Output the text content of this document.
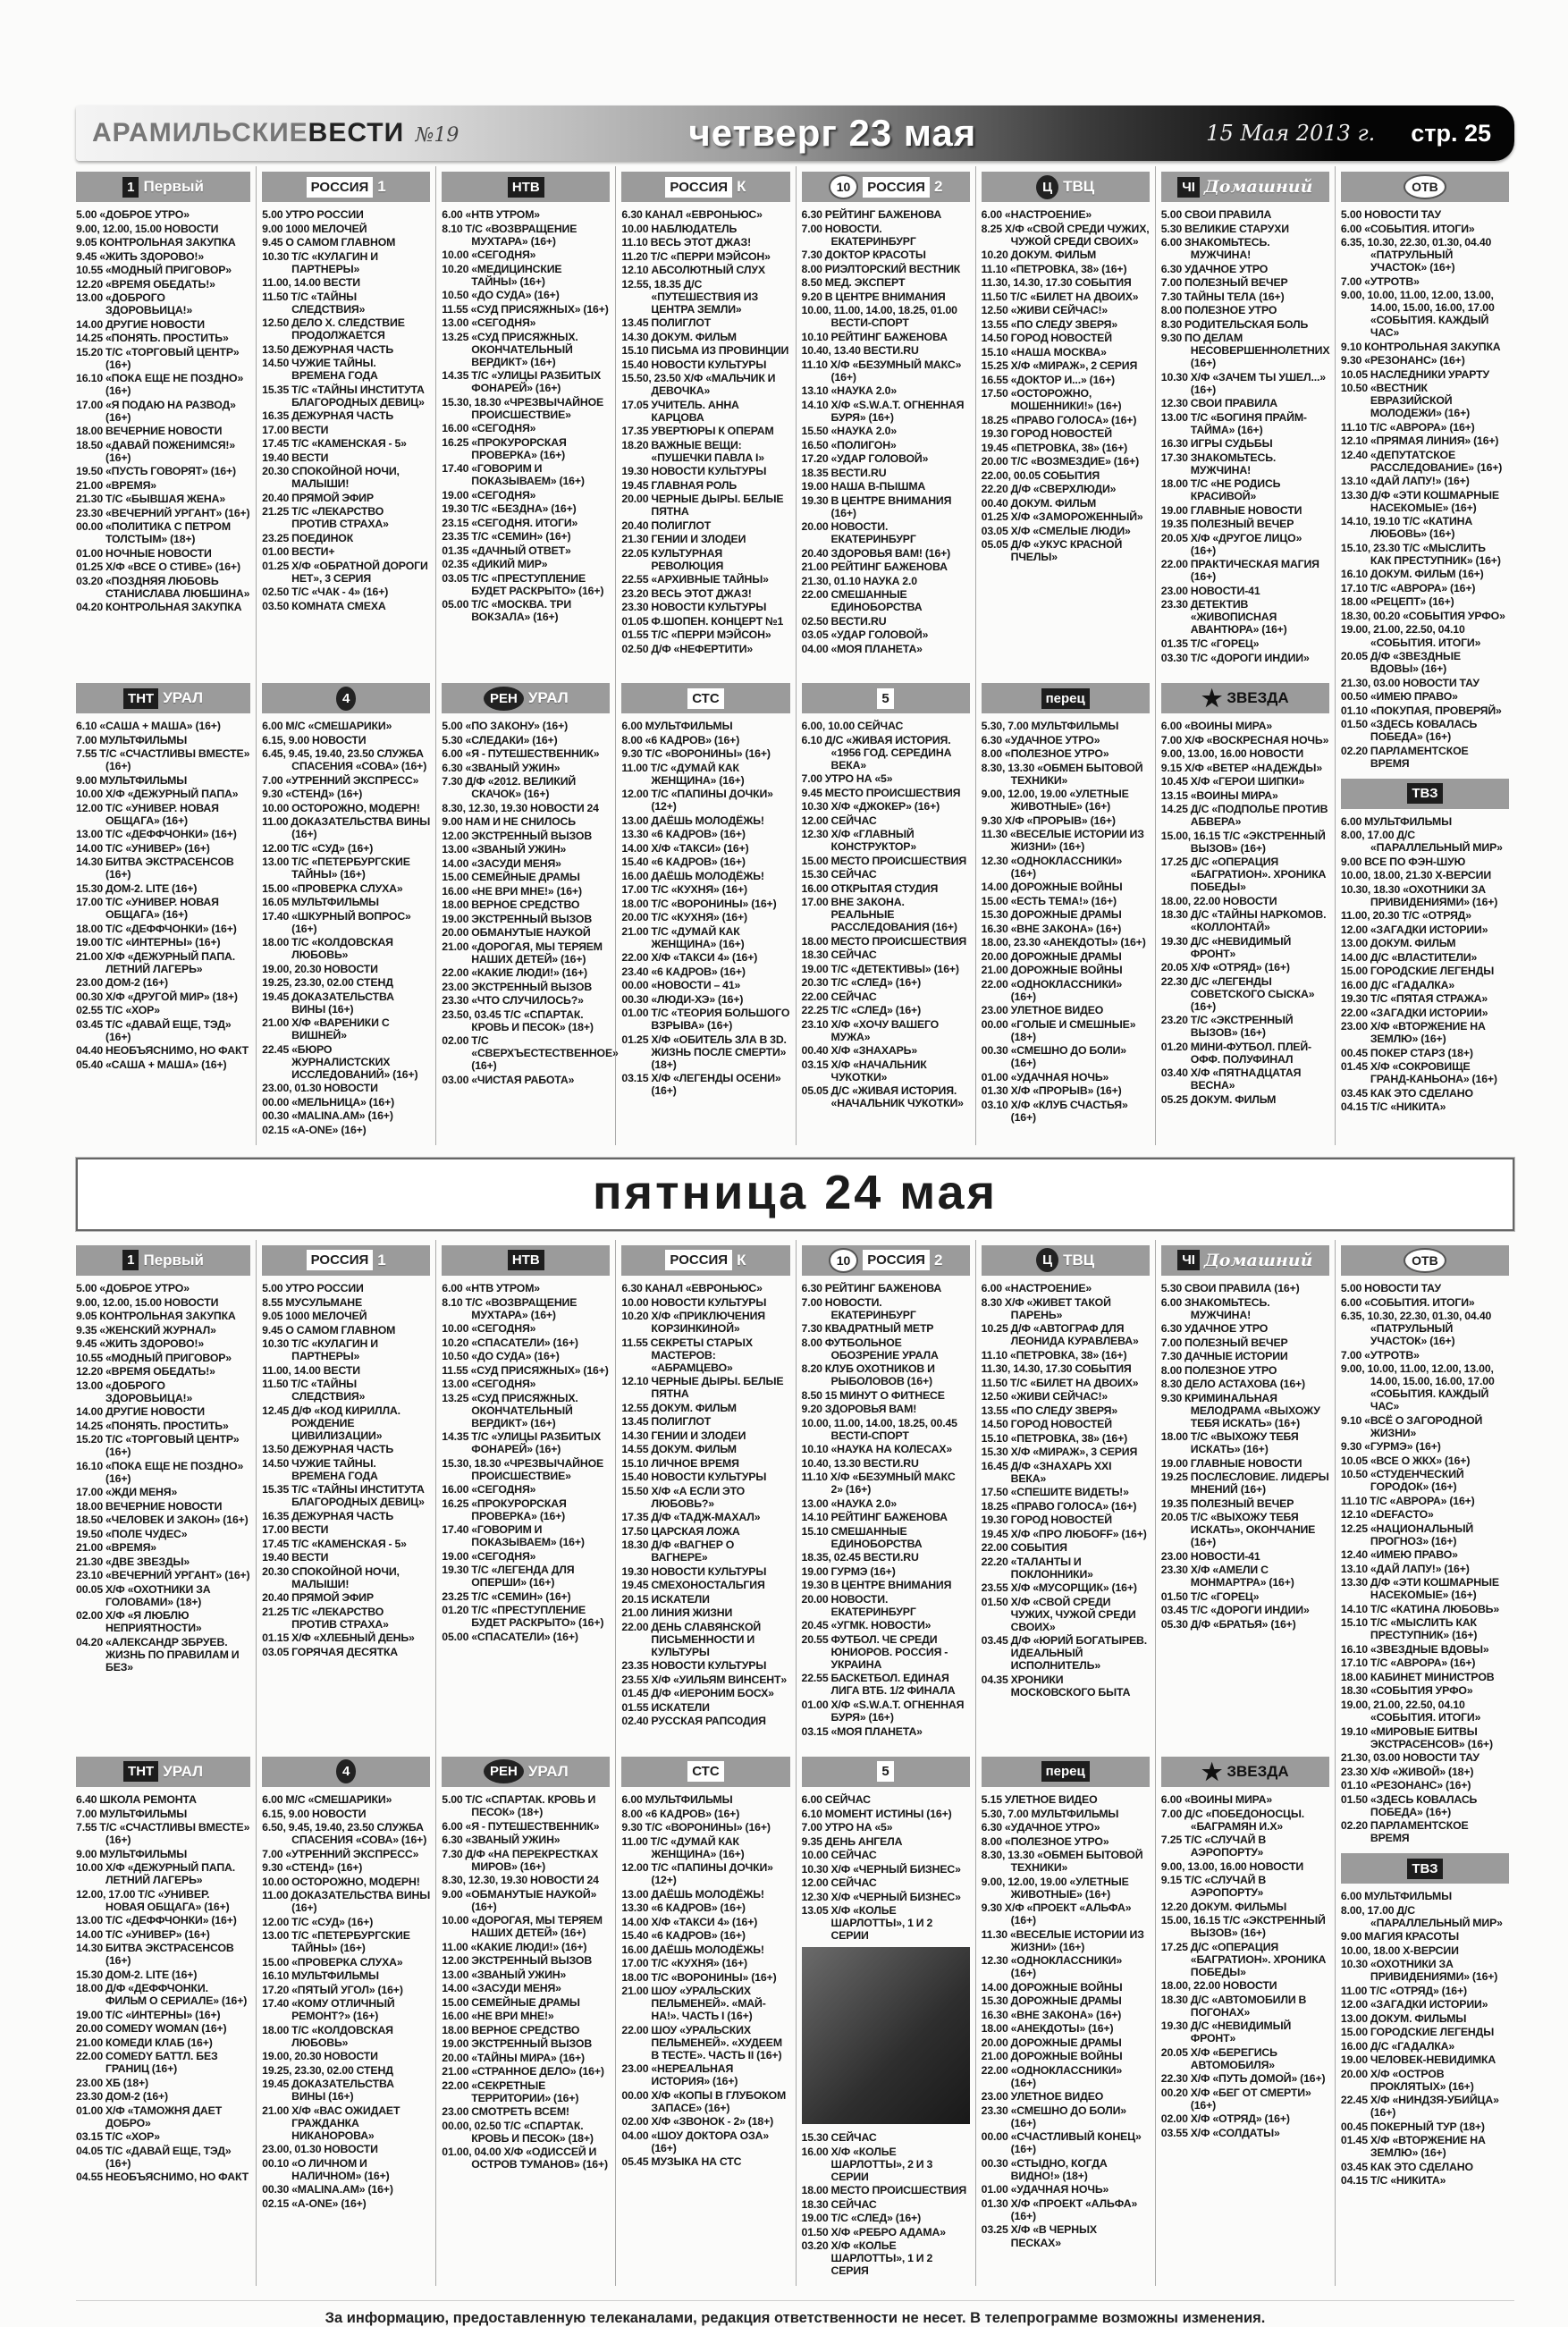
АРАМИЛЬСКИЕВЕСТИ №19	четверг 23 мая	15 Мая 2013 г. стр. 25
1 Первый
5.00 «ДОБРОЕ УТРО»
9.00, 12.00, 15.00 НОВОСТИ
9.05 КОНТРОЛЬНАЯ ЗАКУПКА
9.45 «ЖИТЬ ЗДОРОВО!»
10.55 «МОДНЫЙ ПРИГОВОР»
12.20 «ВРЕМЯ ОБЕДАТЬ!»
13.00 «ДОБРОГО ЗДОРОВЬИЦА!»
14.00 ДРУГИЕ НОВОСТИ
14.25 «ПОНЯТЬ. ПРОСТИТЬ»
15.20 Т/С «ТОРГОВЫЙ ЦЕНТР» (16+)
16.10 «ПОКА ЕЩЕ НЕ ПОЗДНО» (16+)
17.00 «Я ПОДАЮ НА РАЗВОД» (16+)
18.00 ВЕЧЕРНИЕ НОВОСТИ
18.50 «ДАВАЙ ПОЖЕНИМСЯ!» (16+)
19.50 «ПУСТЬ ГОВОРЯТ» (16+)
21.00 «ВРЕМЯ»
21.30 Т/С «БЫВШАЯ ЖЕНА»
23.30 «ВЕЧЕРНИЙ УРГАНТ» (16+)
00.00 «ПОЛИТИКА С ПЕТРОМ ТОЛСТЫМ» (18+)
01.00 НОЧНЫЕ НОВОСТИ
01.25 Х/Ф «ВСЕ О СТИВЕ» (16+)
03.20 «ПОЗДНЯЯ ЛЮБОВЬ СТАНИСЛАВА ЛЮБШИНА»
04.20 КОНТРОЛЬНАЯ ЗАКУПКА
ТНТ УРАЛ
6.10 «САША + МАША» (16+)
7.00 МУЛЬТФИЛЬМЫ
7.55 Т/С «СЧАСТЛИВЫ ВМЕСТЕ» (16+)
9.00 МУЛЬТФИЛЬМЫ
10.00 Х/Ф «ДЕЖУРНЫЙ ПАПА»
12.00 Т/С «УНИВЕР. НОВАЯ ОБЩАГА» (16+)
13.00 Т/С «ДЕФФЧОНКИ» (16+)
14.00 Т/С «УНИВЕР» (16+)
14.30 БИТВА ЭКСТРАСЕНСОВ (16+)
15.30 ДОМ-2. LITE (16+)
17.00 Т/С «УНИВЕР. НОВАЯ ОБЩАГА» (16+)
18.00 Т/С «ДЕФФЧОНКИ» (16+)
19.00 Т/С «ИНТЕРНЫ» (16+)
21.00 Х/Ф «ДЕЖУРНЫЙ ПАПА. ЛЕТНИЙ ЛАГЕРЬ»
23.00 ДОМ-2 (16+)
00.30 Х/Ф «ДРУГОЙ МИР» (18+)
02.55 Т/С «ХОР»
03.45 Т/С «ДАВАЙ ЕЩЕ, ТЭД» (16+)
04.40 НЕОБЪЯСНИМО, НО ФАКТ
05.40 «САША + МАША» (16+)
РОССИЯ 1
5.00 УТРО РОССИИ
9.00 1000 МЕЛОЧЕЙ
9.45 О САМОМ ГЛАВНОМ
10.30 Т/С «КУЛАГИН И ПАРТНЕРЫ»
11.00, 14.00 ВЕСТИ
11.50 Т/С «ТАЙНЫ СЛЕДСТВИЯ»
12.50 ДЕЛО Х. СЛЕДСТВИЕ ПРОДОЛЖАЕТСЯ
13.50 ДЕЖУРНАЯ ЧАСТЬ
14.50 ЧУЖИЕ ТАЙНЫ. ВРЕМЕНА ГОДА
15.35 Т/С «ТАЙНЫ ИНСТИТУТА БЛАГОРОДНЫХ ДЕВИЦ»
16.35 ДЕЖУРНАЯ ЧАСТЬ
17.00 ВЕСТИ
17.45 Т/С «КАМЕНСКАЯ - 5»
19.40 ВЕСТИ
20.30 СПОКОЙНОЙ НОЧИ, МАЛЫШИ!
20.40 ПРЯМОЙ ЭФИР
21.25 Т/С «ЛЕКАРСТВО ПРОТИВ СТРАХА»
23.25 ПОЕДИНОК
01.00 ВЕСТИ+
01.25 Х/Ф «ОБРАТНОЙ ДОРОГИ НЕТ», 3 СЕРИЯ
02.50 Т/С «ЧАК - 4» (16+)
03.50 КОМНАТА СМЕХА
4
6.00 М/С «СМЕШАРИКИ»
6.15, 9.00 НОВОСТИ
6.45, 9.45, 19.40, 23.50 СЛУЖБА СПАСЕНИЯ «СОВА» (16+)
7.00 «УТРЕННИЙ ЭКСПРЕСС»
9.30 «СТЕНД» (16+)
10.00 ОСТОРОЖНО, МОДЕРН!
11.00 ДОКАЗАТЕЛЬСТВА ВИНЫ (16+)
12.00 Т/С «СУД» (16+)
13.00 Т/С «ПЕТЕРБУРГСКИЕ ТАЙНЫ» (16+)
15.00 «ПРОВЕРКА СЛУХА»
16.05 МУЛЬТФИЛЬМЫ
17.40 «ШКУРНЫЙ ВОПРОС» (16+)
18.00 Т/С «КОЛДОВСКАЯ ЛЮБОВЬ»
19.00, 20.30 НОВОСТИ
19.25, 23.30, 02.00 СТЕНД
19.45 ДОКАЗАТЕЛЬСТВА ВИНЫ (16+)
21.00 Х/Ф «ВАРЕНИКИ С ВИШНЕЙ»
22.45 «БЮРО ЖУРНАЛИСТСКИХ ИССЛЕДОВАНИЙ» (16+)
23.00, 01.30 НОВОСТИ
00.00 «МЕЛЬНИЦА» (16+)
00.30 «MALINA.AM» (16+)
02.15 «A-ONE» (16+)
НТВ
6.00 «НТВ УТРОМ»
8.10 Т/С «ВОЗВРАЩЕНИЕ МУХТАРА» (16+)
10.00 «СЕГОДНЯ»
10.20 «МЕДИЦИНСКИЕ ТАЙНЫ» (16+)
10.50 «ДО СУДА» (16+)
11.55 «СУД ПРИСЯЖНЫХ» (16+)
13.00 «СЕГОДНЯ»
13.25 «СУД ПРИСЯЖНЫХ. ОКОНЧАТЕЛЬНЫЙ ВЕРДИКТ» (16+)
14.35 Т/С «УЛИЦЫ РАЗБИТЫХ ФОНАРЕЙ» (16+)
15.30, 18.30 «ЧРЕЗВЫЧАЙНОЕ ПРОИСШЕСТВИЕ»
16.00 «СЕГОДНЯ»
16.25 «ПРОКУРОРСКАЯ ПРОВЕРКА» (16+)
17.40 «ГОВОРИМ И ПОКАЗЫВАЕМ» (16+)
19.00 «СЕГОДНЯ»
19.30 Т/С «БЕЗДНА» (16+)
23.15 «СЕГОДНЯ. ИТОГИ»
23.35 Т/С «СЕМИН» (16+)
01.35 «ДАЧНЫЙ ОТВЕТ»
02.35 «ДИКИЙ МИР»
03.05 Т/С «ПРЕСТУПЛЕНИЕ БУДЕТ РАСКРЫТО» (16+)
05.00 Т/С «МОСКВА. ТРИ ВОКЗАЛА» (16+)
РЕН УРАЛ
5.00 «ПО ЗАКОНУ» (16+)
5.30 «СЛЕДАКИ» (16+)
6.00 «Я - ПУТЕШЕСТВЕННИК»
6.30 «ЗВАНЫЙ УЖИН»
7.30 Д/Ф «2012. ВЕЛИКИЙ СКАЧОК» (16+)
8.30, 12.30, 19.30 НОВОСТИ 24
9.00 НАМ И НЕ СНИЛОСЬ
12.00 ЭКСТРЕННЫЙ ВЫЗОВ
13.00 «ЗВАНЫЙ УЖИН»
14.00 «ЗАСУДИ МЕНЯ»
15.00 СЕМЕЙНЫЕ ДРАМЫ
16.00 «НЕ ВРИ МНЕ!» (16+)
18.00 ВЕРНОЕ СРЕДСТВО
19.00 ЭКСТРЕННЫЙ ВЫЗОВ
20.00 ОБМАНУТЫЕ НАУКОЙ
21.00 «ДОРОГАЯ, МЫ ТЕРЯЕМ НАШИХ ДЕТЕЙ» (16+)
22.00 «КАКИЕ ЛЮДИ!» (16+)
23.00 ЭКСТРЕННЫЙ ВЫЗОВ
23.30 «ЧТО СЛУЧИЛОСЬ?»
23.50, 03.45 Т/С «СПАРТАК. КРОВЬ И ПЕСОК» (18+)
02.00 Т/С «СВЕРХЪЕСТЕСТВЕННОЕ» (16+)
03.00 «ЧИСТАЯ РАБОТА»
РОССИЯ К
6.30 КАНАЛ «ЕВРОНЬЮС»
10.00 НАБЛЮДАТЕЛЬ
11.10 ВЕСЬ ЭТОТ ДЖАЗ!
11.20 Т/С «ПЕРРИ МЭЙСОН»
12.10 АБСОЛЮТНЫЙ СЛУХ
12.55, 18.35 Д/С «ПУТЕШЕСТВИЯ ИЗ ЦЕНТРА ЗЕМЛИ»
13.45 ПОЛИГЛОТ
14.30 ДОКУМ. ФИЛЬМ
15.10 ПИСЬМА ИЗ ПРОВИНЦИИ
15.40 НОВОСТИ КУЛЬТУРЫ
15.50, 23.50 Х/Ф «МАЛЬЧИК И ДЕВОЧКА»
17.05 УЧИТЕЛЬ. АННА КАРЦОВА
17.35 УВЕРТЮРЫ К ОПЕРАМ
18.20 ВАЖНЫЕ ВЕЩИ: «ПУШЕЧКИ ПАВЛА I»
19.30 НОВОСТИ КУЛЬТУРЫ
19.45 ГЛАВНАЯ РОЛЬ
20.00 ЧЕРНЫЕ ДЫРЫ. БЕЛЫЕ ПЯТНА
20.40 ПОЛИГЛОТ
21.30 ГЕНИИ И ЗЛОДЕИ
22.05 КУЛЬТУРНАЯ РЕВОЛЮЦИЯ
22.55 «АРХИВНЫЕ ТАЙНЫ»
23.20 ВЕСЬ ЭТОТ ДЖАЗ!
23.30 НОВОСТИ КУЛЬТУРЫ
01.05 Ф.ШОПЕН. КОНЦЕРТ №1
01.55 Т/С «ПЕРРИ МЭЙСОН»
02.50 Д/Ф «НЕФЕРТИТИ»
СТС
6.00 МУЛЬТФИЛЬМЫ
8.00 «6 КАДРОВ» (16+)
9.30 Т/С «ВОРОНИНЫ» (16+)
11.00 Т/С «ДУМАЙ КАК ЖЕНЩИНА» (16+)
12.00 Т/С «ПАПИНЫ ДОЧКИ» (12+)
13.00 ДАЁШЬ МОЛОДЁЖЬ!
13.30 «6 КАДРОВ» (16+)
14.00 Х/Ф «ТАКСИ» (16+)
15.40 «6 КАДРОВ» (16+)
16.00 ДАЁШЬ МОЛОДЁЖЬ!
17.00 Т/С «КУХНЯ» (16+)
18.00 Т/С «ВОРОНИНЫ» (16+)
20.00 Т/С «КУХНЯ» (16+)
21.00 Т/С «ДУМАЙ КАК ЖЕНЩИНА» (16+)
22.00 Х/Ф «ТАКСИ 4» (16+)
23.40 «6 КАДРОВ» (16+)
00.00 «НОВОСТИ – 41»
00.30 «ЛЮДИ-ХЭ» (16+)
01.00 Т/С «ТЕОРИЯ БОЛЬШОГО ВЗРЫВА» (16+)
01.25 Х/Ф «ОБИТЕЛЬ ЗЛА В 3D. ЖИЗНЬ ПОСЛЕ СМЕРТИ» (18+)
03.15 Х/Ф «ЛЕГЕНДЫ ОСЕНИ» (16+)
10	РОССИЯ 2
6.30 РЕЙТИНГ БАЖЕНОВА
7.00 НОВОСТИ. ЕКАТЕРИНБУРГ
7.30 ДОКТОР КРАСОТЫ
8.00 РИЭЛТОРСКИЙ ВЕСТНИК
8.50 МЕД. ЭКСПЕРТ
9.20 В ЦЕНТРЕ ВНИМАНИЯ
10.00, 11.00, 14.00, 18.25, 01.00 ВЕСТИ-СПОРТ
10.10 РЕЙТИНГ БАЖЕНОВА
10.40, 13.40 ВЕСТИ.RU
11.10 Х/Ф «БЕЗУМНЫЙ МАКС» (16+)
13.10 «НАУКА 2.0»
14.10 Х/Ф «S.W.A.T. ОГНЕННАЯ БУРЯ» (16+)
15.50 «НАУКА 2.0»
16.50 «ПОЛИГОН»
17.20 «УДАР ГОЛОВОЙ»
18.35 ВЕСТИ.RU
19.00 НАША В-ПЫШМА
19.30 В ЦЕНТРЕ ВНИМАНИЯ (16+)
20.00 НОВОСТИ. ЕКАТЕРИНБУРГ
20.40 ЗДОРОВЬЯ ВАМ! (16+)
21.00 РЕЙТИНГ БАЖЕНОВА
21.30, 01.10 НАУКА 2.0
22.00 СМЕШАННЫЕ ЕДИНОБОРСТВА
02.50 ВЕСТИ.RU
03.05 «УДАР ГОЛОВОЙ»
04.00 «МОЯ ПЛАНЕТА»
5
6.00, 10.00 СЕЙЧАС
6.10 Д/С «ЖИВАЯ ИСТОРИЯ. «1956 ГОД. СЕРЕДИНА ВЕКА»
7.00 УТРО НА «5»
9.45 МЕСТО ПРОИСШЕСТВИЯ
10.30 Х/Ф «ДЖОКЕР» (16+)
12.00 СЕЙЧАС
12.30 Х/Ф «ГЛАВНЫЙ КОНСТРУКТОР»
15.00 МЕСТО ПРОИСШЕСТВИЯ
15.30 СЕЙЧАС
16.00 ОТКРЫТАЯ СТУДИЯ
17.00 ВНЕ ЗАКОНА. РЕАЛЬНЫЕ РАССЛЕДОВАНИЯ (16+)
18.00 МЕСТО ПРОИСШЕСТВИЯ
18.30 СЕЙЧАС
19.00 Т/С «ДЕТЕКТИВЫ» (16+)
20.30 Т/С «СЛЕД» (16+)
22.00 СЕЙЧАС
22.25 Т/С «СЛЕД» (16+)
23.10 Х/Ф «ХОЧУ ВАШЕГО МУЖА»
00.40 Х/Ф «ЗНАХАРЬ»
03.15 Х/Ф «НАЧАЛЬНИК ЧУКОТКИ»
05.05 Д/С «ЖИВАЯ ИСТОРИЯ. «НАЧАЛЬНИК ЧУКОТКИ»
Ц ТВЦ
6.00 «НАСТРОЕНИЕ»
8.25 Х/Ф «СВОЙ СРЕДИ ЧУЖИХ, ЧУЖОЙ СРЕДИ СВОИХ»
10.20 ДОКУМ. ФИЛЬМ
11.10 «ПЕТРОВКА, 38» (16+)
11.30, 14.30, 17.30 СОБЫТИЯ
11.50 Т/С «БИЛЕТ НА ДВОИХ»
12.50 «ЖИВИ СЕЙЧАС!»
13.55 «ПО СЛЕДУ ЗВЕРЯ»
14.50 ГОРОД НОВОСТЕЙ
15.10 «НАША МОСКВА»
15.25 Х/Ф «МИРАЖ», 2 СЕРИЯ
16.55 «ДОКТОР И...» (16+)
17.50 «ОСТОРОЖНО, МОШЕННИКИ!» (16+)
18.25 «ПРАВО ГОЛОСА» (16+)
19.30 ГОРОД НОВОСТЕЙ
19.45 «ПЕТРОВКА, 38» (16+)
20.00 Т/С «ВОЗМЕЗДИЕ» (16+)
22.00, 00.05 СОБЫТИЯ
22.20 Д/Ф «СВЕРХЛЮДИ»
00.40 ДОКУМ. ФИЛЬМ
01.25 Х/Ф «ЗАМОРОЖЕННЫЙ»
03.05 Х/Ф «СМЕЛЫЕ ЛЮДИ»
05.05 Д/Ф «УКУС КРАСНОЙ ПЧЕЛЫ»
перец
5.30, 7.00 МУЛЬТФИЛЬМЫ
6.30 «УДАЧНОЕ УТРО»
8.00 «ПОЛЕЗНОЕ УТРО»
8.30, 13.30 «ОБМЕН БЫТОВОЙ ТЕХНИКИ»
9.00, 12.00, 19.00 «УЛЕТНЫЕ ЖИВОТНЫЕ» (16+)
9.30 Х/Ф «ПРОРЫВ» (16+)
11.30 «ВЕСЕЛЫЕ ИСТОРИИ ИЗ ЖИЗНИ» (16+)
12.30 «ОДНОКЛАССНИКИ» (16+)
14.00 ДОРОЖНЫЕ ВОЙНЫ
15.00 «ЕСТЬ ТЕМА!» (16+)
15.30 ДОРОЖНЫЕ ДРАМЫ
16.30 «ВНЕ ЗАКОНА» (16+)
18.00, 23.30 «АНЕКДОТЫ» (16+)
20.00 ДОРОЖНЫЕ ДРАМЫ
21.00 ДОРОЖНЫЕ ВОЙНЫ
22.00 «ОДНОКЛАССНИКИ» (16+)
23.00 УЛЕТНОЕ ВИДЕО
00.00 «ГОЛЫЕ И СМЕШНЫЕ» (18+)
00.30 «СМЕШНО ДО БОЛИ» (16+)
01.00 «УДАЧНАЯ НОЧЬ»
01.30 Х/Ф «ПРОРЫВ» (16+)
03.10 Х/Ф «КЛУБ СЧАСТЬЯ» (16+)
ЧI Домашний
5.00 СВОИ ПРАВИЛА
5.30 ВЕЛИКИЕ СТАРУХИ
6.00 ЗНАКОМЬТЕСЬ. МУЖЧИНА!
6.30 УДАЧНОЕ УТРО
7.00 ПОЛЕЗНЫЙ ВЕЧЕР
7.30 ТАЙНЫ ТЕЛА (16+)
8.00 ПОЛЕЗНОЕ УТРО
8.30 РОДИТЕЛЬСКАЯ БОЛЬ
9.30 ПО ДЕЛАМ НЕСОВЕРШЕННОЛЕТНИХ (16+)
10.30 Х/Ф «ЗАЧЕМ ТЫ УШЕЛ...» (16+)
12.30 СВОИ ПРАВИЛА
13.00 Т/С «БОГИНЯ ПРАЙМ-ТАЙМА» (16+)
16.30 ИГРЫ СУДЬБЫ
17.30 ЗНАКОМЬТЕСЬ. МУЖЧИНА!
18.00 Т/С «НЕ РОДИСЬ КРАСИВОЙ»
19.00 ГЛАВНЫЕ НОВОСТИ
19.35 ПОЛЕЗНЫЙ ВЕЧЕР
20.05 Х/Ф «ДРУГОЕ ЛИЦО» (16+)
22.00 ПРАКТИЧЕСКАЯ МАГИЯ (16+)
23.00 НОВОСТИ-41
23.30 ДЕТЕКТИВ «ЖИВОПИСНАЯ АВАНТЮРА» (16+)
01.35 Т/С «ГОРЕЦ»
03.30 Т/С «ДОРОГИ ИНДИИ»
★ ЗВЕЗДА
6.00 «ВОИНЫ МИРА»
7.00 Х/Ф «ВОСКРЕСНАЯ НОЧЬ»
9.00, 13.00, 16.00 НОВОСТИ
9.15 Х/Ф «ВЕТЕР «НАДЕЖДЫ»
10.45 Х/Ф «ГЕРОИ ШИПКИ»
13.15 «ВОИНЫ МИРА»
14.25 Д/С «ПОДПОЛЬЕ ПРОТИВ АБВЕРА»
15.00, 16.15 Т/С «ЭКСТРЕННЫЙ ВЫЗОВ» (16+)
17.25 Д/С «ОПЕРАЦИЯ «БАГРАТИОН». ХРОНИКА ПОБЕДЫ»
18.00, 22.00 НОВОСТИ
18.30 Д/С «ТАЙНЫ НАРКОМОВ. «КОЛЛОНТАЙ»
19.30 Д/С «НЕВИДИМЫЙ ФРОНТ»
20.05 Х/Ф «ОТРЯД» (16+)
22.30 Д/С «ЛЕГЕНДЫ СОВЕТСКОГО СЫСКА» (16+)
23.20 Т/С «ЭКСТРЕННЫЙ ВЫЗОВ» (16+)
01.20 МИНИ-ФУТБОЛ. ПЛЕЙ-ОФФ. ПОЛУФИНАЛ
03.40 Х/Ф «ПЯТНАДЦАТАЯ ВЕСНА»
05.25 ДОКУМ. ФИЛЬМ
ОТВ
5.00 НОВОСТИ ТАУ
6.00 «СОБЫТИЯ. ИТОГИ»
6.35, 10.30, 22.30, 01.30, 04.40 «ПАТРУЛЬНЫЙ УЧАСТОК» (16+)
7.00 «УТРОТВ»
9.00, 10.00, 11.00, 12.00, 13.00, 14.00, 15.00, 16.00, 17.00 «СОБЫТИЯ. КАЖДЫЙ ЧАС»
9.10 КОНТРОЛЬНАЯ ЗАКУПКА
9.30 «РЕЗОНАНС» (16+)
10.05 НАСЛЕДНИКИ УРАРТУ
10.50 «ВЕСТНИК ЕВРАЗИЙСКОЙ МОЛОДЕЖИ» (16+)
11.10 Т/С «АВРОРА» (16+)
12.10 «ПРЯМАЯ ЛИНИЯ» (16+)
12.40 «ДЕПУТАТСКОЕ РАССЛЕДОВАНИЕ» (16+)
13.10 «ДАЙ ЛАПУ!» (16+)
13.30 Д/Ф «ЭТИ КОШМАРНЫЕ НАСЕКОМЫЕ» (16+)
14.10, 19.10 Т/С «КАТИНА ЛЮБОВЬ» (16+)
15.10, 23.30 Т/С «МЫСЛИТЬ КАК ПРЕСТУПНИК» (16+)
16.10 ДОКУМ. ФИЛЬМ (16+)
17.10 Т/С «АВРОРА» (16+)
18.00 «РЕЦЕПТ» (16+)
18.30, 00.20 «СОБЫТИЯ УРФО»
19.00, 21.00, 22.50, 04.10 «СОБЫТИЯ. ИТОГИ»
20.05 Д/Ф «ЗВЕЗДНЫЕ ВДОВЫ» (16+)
21.30, 03.00 НОВОСТИ ТАУ
00.50 «ИМЕЮ ПРАВО»
01.10 «ПОКУПАЯ, ПРОВЕРЯЙ»
01.50 «ЗДЕСЬ КОВАЛАСЬ ПОБЕДА» (16+)
02.20 ПАРЛАМЕНТСКОЕ ВРЕМЯ
ТВЗ
6.00 МУЛЬТФИЛЬМЫ
8.00, 17.00 Д/С «ПАРАЛЛЕЛЬНЫЙ МИР»
9.00 ВСЕ ПО ФЭН-ШУЮ
10.00, 18.00, 21.30 Х-ВЕРСИИ
10.30, 18.30 «ОХОТНИКИ ЗА ПРИВИДЕНИЯМИ» (16+)
11.00, 20.30 Т/С «ОТРЯД»
12.00 «ЗАГАДКИ ИСТОРИИ»
13.00 ДОКУМ. ФИЛЬМ
14.00 Д/С «ВЛАСТИТЕЛИ»
15.00 ГОРОДСКИЕ ЛЕГЕНДЫ
16.00 Д/С «ГАДАЛКА»
19.30 Т/С «ПЯТАЯ СТРАЖА»
22.00 «ЗАГАДКИ ИСТОРИИ»
23.00 Х/Ф «ВТОРЖЕНИЕ НА ЗЕМЛЮ» (16+)
00.45 ПОКЕР СТАРЗ (18+)
01.45 Х/Ф «СОКРОВИЩЕ ГРАНД-КАНЬОНА» (16+)
03.45 КАК ЭТО СДЕЛАНО
04.15 Т/С «НИКИТА»
пятница 24 мая
1 Первый
5.00 «ДОБРОЕ УТРО»
9.00, 12.00, 15.00 НОВОСТИ
9.05 КОНТРОЛЬНАЯ ЗАКУПКА
9.35 «ЖЕНСКИЙ ЖУРНАЛ»
9.45 «ЖИТЬ ЗДОРОВО!»
10.55 «МОДНЫЙ ПРИГОВОР»
12.20 «ВРЕМЯ ОБЕДАТЬ!»
13.00 «ДОБРОГО ЗДОРОВЬИЦА!»
14.00 ДРУГИЕ НОВОСТИ
14.25 «ПОНЯТЬ. ПРОСТИТЬ»
15.20 Т/С «ТОРГОВЫЙ ЦЕНТР» (16+)
16.10 «ПОКА ЕЩЕ НЕ ПОЗДНО» (16+)
17.00 «ЖДИ МЕНЯ»
18.00 ВЕЧЕРНИЕ НОВОСТИ
18.50 «ЧЕЛОВЕК И ЗАКОН» (16+)
19.50 «ПОЛЕ ЧУДЕС»
21.00 «ВРЕМЯ»
21.30 «ДВЕ ЗВЕЗДЫ»
23.10 «ВЕЧЕРНИЙ УРГАНТ» (16+)
00.05 Х/Ф «ОХОТНИКИ ЗА ГОЛОВАМИ» (18+)
02.00 Х/Ф «Я ЛЮБЛЮ НЕПРИЯТНОСТИ»
04.20 «АЛЕКСАНДР ЗБРУЕВ. ЖИЗНЬ ПО ПРАВИЛАМ И БЕЗ»
ТНТ УРАЛ
6.40 ШКОЛА РЕМОНТА
7.00 МУЛЬТФИЛЬМЫ
7.55 Т/С «СЧАСТЛИВЫ ВМЕСТЕ» (16+)
9.00 МУЛЬТФИЛЬМЫ
10.00 Х/Ф «ДЕЖУРНЫЙ ПАПА. ЛЕТНИЙ ЛАГЕРЬ»
12.00, 17.00 Т/С «УНИВЕР. НОВАЯ ОБЩАГА» (16+)
13.00 Т/С «ДЕФФЧОНКИ» (16+)
14.00 Т/С «УНИВЕР» (16+)
14.30 БИТВА ЭКСТРАСЕНСОВ (16+)
15.30 ДОМ-2. LITE (16+)
18.00 Д/Ф «ДЕФФЧОНКИ. ФИЛЬМ О СЕРИАЛЕ» (16+)
19.00 Т/С «ИНТЕРНЫ» (16+)
20.00 COMEDY WOMAN (16+)
21.00 КОМЕДИ КЛАБ (16+)
22.00 COMEDY БАТТЛ. БЕЗ ГРАНИЦ (16+)
23.00 ХБ (18+)
23.30 ДОМ-2 (16+)
01.00 Х/Ф «ТАМОЖНЯ ДАЕТ ДОБРО»
03.15 Т/С «ХОР»
04.05 Т/С «ДАВАЙ ЕЩЕ, ТЭД» (16+)
04.55 НЕОБЪЯСНИМО, НО ФАКТ
РОССИЯ 1
5.00 УТРО РОССИИ
8.55 МУСУЛЬМАНЕ
9.05 1000 МЕЛОЧЕЙ
9.45 О САМОМ ГЛАВНОМ
10.30 Т/С «КУЛАГИН И ПАРТНЕРЫ»
11.00, 14.00 ВЕСТИ
11.50 Т/С «ТАЙНЫ СЛЕДСТВИЯ»
12.45 Д/Ф «КОД КИРИЛЛА. РОЖДЕНИЕ ЦИВИЛИЗАЦИИ»
13.50 ДЕЖУРНАЯ ЧАСТЬ
14.50 ЧУЖИЕ ТАЙНЫ. ВРЕМЕНА ГОДА
15.35 Т/С «ТАЙНЫ ИНСТИТУТА БЛАГОРОДНЫХ ДЕВИЦ»
16.35 ДЕЖУРНАЯ ЧАСТЬ
17.00 ВЕСТИ
17.45 Т/С «КАМЕНСКАЯ - 5»
19.40 ВЕСТИ
20.30 СПОКОЙНОЙ НОЧИ, МАЛЫШИ!
20.40 ПРЯМОЙ ЭФИР
21.25 Т/С «ЛЕКАРСТВО ПРОТИВ СТРАХА»
01.15 Х/Ф «ХЛЕБНЫЙ ДЕНЬ»
03.05 ГОРЯЧАЯ ДЕСЯТКА
4
6.00 М/С «СМЕШАРИКИ»
6.15, 9.00 НОВОСТИ
6.50, 9.45, 19.40, 23.50 СЛУЖБА СПАСЕНИЯ «СОВА» (16+)
7.00 «УТРЕННИЙ ЭКСПРЕСС»
9.30 «СТЕНД» (16+)
10.00 ОСТОРОЖНО, МОДЕРН!
11.00 ДОКАЗАТЕЛЬСТВА ВИНЫ (16+)
12.00 Т/С «СУД» (16+)
13.00 Т/С «ПЕТЕРБУРГСКИЕ ТАЙНЫ» (16+)
15.00 «ПРОВЕРКА СЛУХА»
16.10 МУЛЬТФИЛЬМЫ
17.20 «ПЯТЫЙ УГОЛ» (16+)
17.40 «КОМУ ОТЛИЧНЫЙ РЕМОНТ?» (16+)
18.00 Т/С «КОЛДОВСКАЯ ЛЮБОВЬ»
19.00, 20.30 НОВОСТИ
19.25, 23.30, 02.00 СТЕНД
19.45 ДОКАЗАТЕЛЬСТВА ВИНЫ (16+)
21.00 Х/Ф «ВАС ОЖИДАЕТ ГРАЖДАНКА НИКАНОРОВА»
23.00, 01.30 НОВОСТИ
00.10 «О ЛИЧНОМ И НАЛИЧНОМ» (16+)
00.30 «MALINA.AM» (16+)
02.15 «A-ONE» (16+)
НТВ
6.00 «НТВ УТРОМ»
8.10 Т/С «ВОЗВРАЩЕНИЕ МУХТАРА» (16+)
10.00 «СЕГОДНЯ»
10.20 «СПАСАТЕЛИ» (16+)
10.50 «ДО СУДА» (16+)
11.55 «СУД ПРИСЯЖНЫХ» (16+)
13.00 «СЕГОДНЯ»
13.25 «СУД ПРИСЯЖНЫХ. ОКОНЧАТЕЛЬНЫЙ ВЕРДИКТ» (16+)
14.35 Т/С «УЛИЦЫ РАЗБИТЫХ ФОНАРЕЙ» (16+)
15.30, 18.30 «ЧРЕЗВЫЧАЙНОЕ ПРОИСШЕСТВИЕ»
16.00 «СЕГОДНЯ»
16.25 «ПРОКУРОРСКАЯ ПРОВЕРКА» (16+)
17.40 «ГОВОРИМ И ПОКАЗЫВАЕМ» (16+)
19.00 «СЕГОДНЯ»
19.30 Т/С «ЛЕГЕНДА ДЛЯ ОПЕРШИ» (16+)
23.25 Т/С «СЕМИН» (16+)
01.20 Т/С «ПРЕСТУПЛЕНИЕ БУДЕТ РАСКРЫТО» (16+)
05.00 «СПАСАТЕЛИ» (16+)
РЕН УРАЛ
5.00 Т/С «СПАРТАК. КРОВЬ И ПЕСОК» (18+)
6.00 «Я - ПУТЕШЕСТВЕННИК»
6.30 «ЗВАНЫЙ УЖИН»
7.30 Д/Ф «НА ПЕРЕКРЕСТКАХ МИРОВ» (16+)
8.30, 12.30, 19.30 НОВОСТИ 24
9.00 «ОБМАНУТЫЕ НАУКОЙ» (16+)
10.00 «ДОРОГАЯ, МЫ ТЕРЯЕМ НАШИХ ДЕТЕЙ» (16+)
11.00 «КАКИЕ ЛЮДИ!» (16+)
12.00 ЭКСТРЕННЫЙ ВЫЗОВ
13.00 «ЗВАНЫЙ УЖИН»
14.00 «ЗАСУДИ МЕНЯ»
15.00 СЕМЕЙНЫЕ ДРАМЫ
16.00 «НЕ ВРИ МНЕ!»
18.00 ВЕРНОЕ СРЕДСТВО
19.00 ЭКСТРЕННЫЙ ВЫЗОВ
20.00 «ТАЙНЫ МИРА» (16+)
21.00 «СТРАННОЕ ДЕЛО» (16+)
22.00 «СЕКРЕТНЫЕ ТЕРРИТОРИИ» (16+)
23.00 СМОТРЕТЬ ВСЕМ!
00.00, 02.50 Т/С «СПАРТАК. КРОВЬ И ПЕСОК» (18+)
01.00, 04.00 Х/Ф «ОДИССЕЙ И ОСТРОВ ТУМАНОВ» (16+)
РОССИЯ К
6.30 КАНАЛ «ЕВРОНЬЮС»
10.00 НОВОСТИ КУЛЬТУРЫ
10.20 Х/Ф «ПРИКЛЮЧЕНИЯ КОРЗИНКИНОЙ»
11.55 СЕКРЕТЫ СТАРЫХ МАСТЕРОВ: «АБРАМЦЕВО»
12.10 ЧЕРНЫЕ ДЫРЫ. БЕЛЫЕ ПЯТНА
12.55 ДОКУМ. ФИЛЬМ
13.45 ПОЛИГЛОТ
14.30 ГЕНИИ И ЗЛОДЕИ
14.55 ДОКУМ. ФИЛЬМ
15.10 ЛИЧНОЕ ВРЕМЯ
15.40 НОВОСТИ КУЛЬТУРЫ
15.50 Х/Ф «А ЕСЛИ ЭТО ЛЮБОВЬ?»
17.35 Д/Ф «ТАДЖ-МАХАЛ»
17.50 ЦАРСКАЯ ЛОЖА
18.30 Д/Ф «ВАГНЕР О ВАГНЕРЕ»
19.30 НОВОСТИ КУЛЬТУРЫ
19.45 СМЕХОНОСТАЛЬГИЯ
20.15 ИСКАТЕЛИ
21.00 ЛИНИЯ ЖИЗНИ
22.00 ДЕНЬ СЛАВЯНСКОЙ ПИСЬМЕННОСТИ И КУЛЬТУРЫ
23.35 НОВОСТИ КУЛЬТУРЫ
23.55 Х/Ф «УИЛЬЯМ ВИНСЕНТ»
01.45 Д/Ф «ИЕРОНИМ БОСХ»
01.55 ИСКАТЕЛИ
02.40 РУССКАЯ РАПСОДИЯ
СТС
6.00 МУЛЬТФИЛЬМЫ
8.00 «6 КАДРОВ» (16+)
9.30 Т/С «ВОРОНИНЫ» (16+)
11.00 Т/С «ДУМАЙ КАК ЖЕНЩИНА» (16+)
12.00 Т/С «ПАПИНЫ ДОЧКИ» (12+)
13.00 ДАЁШЬ МОЛОДЁЖЬ!
13.30 «6 КАДРОВ» (16+)
14.00 Х/Ф «ТАКСИ 4» (16+)
15.40 «6 КАДРОВ» (16+)
16.00 ДАЁШЬ МОЛОДЁЖЬ!
17.00 Т/С «КУХНЯ» (16+)
18.00 Т/С «ВОРОНИНЫ» (16+)
21.00 ШОУ «УРАЛЬСКИХ ПЕЛЬМЕНЕЙ». «МАЙ-НА!». ЧАСТЬ I (16+)
22.00 ШОУ «УРАЛЬСКИХ ПЕЛЬМЕНЕЙ». «ХУДЕЕМ В ТЕСТЕ». ЧАСТЬ II (16+)
23.00 «НЕРЕАЛЬНАЯ ИСТОРИЯ» (16+)
00.00 Х/Ф «КОПЫ В ГЛУБОКОМ ЗАПАСЕ» (16+)
02.00 Х/Ф «ЗВОНОК - 2» (18+)
04.00 «ШОУ ДОКТОРА ОЗА» (16+)
05.45 МУЗЫКА НА СТС
10	РОССИЯ 2
6.30 РЕЙТИНГ БАЖЕНОВА
7.00 НОВОСТИ. ЕКАТЕРИНБУРГ
7.30 КВАДРАТНЫЙ МЕТР
8.00 ФУТБОЛЬНОЕ ОБОЗРЕНИЕ УРАЛА
8.20 КЛУБ ОХОТНИКОВ И РЫБОЛОВОВ (16+)
8.50 15 МИНУТ О ФИТНЕСЕ
9.20 ЗДОРОВЬЯ ВАМ!
10.00, 11.00, 14.00, 18.25, 00.45 ВЕСТИ-СПОРТ
10.10 «НАУКА НА КОЛЕСАХ»
10.40, 13.30 ВЕСТИ.RU
11.10 Х/Ф «БЕЗУМНЫЙ МАКС 2» (16+)
13.00 «НАУКА 2.0»
14.10 РЕЙТИНГ БАЖЕНОВА
15.10 СМЕШАННЫЕ ЕДИНОБОРСТВА
18.35, 02.45 ВЕСТИ.RU
19.00 ГУРМЭ (16+)
19.30 В ЦЕНТРЕ ВНИМАНИЯ
20.00 НОВОСТИ. ЕКАТЕРИНБУРГ
20.45 «УГМК. НОВОСТИ»
20.55 ФУТБОЛ. ЧЕ СРЕДИ ЮНИОРОВ. РОССИЯ - УКРАИНА
22.55 БАСКЕТБОЛ. ЕДИНАЯ ЛИГА ВТБ. 1/2 ФИНАЛА
01.00 Х/Ф «S.W.A.T. ОГНЕННАЯ БУРЯ» (16+)
03.15 «МОЯ ПЛАНЕТА»
5
6.00 СЕЙЧАС
6.10 МОМЕНТ ИСТИНЫ (16+)
7.00 УТРО НА «5»
9.35 ДЕНЬ АНГЕЛА
10.00 СЕЙЧАС
10.30 Х/Ф «ЧЕРНЫЙ БИЗНЕС»
12.00 СЕЙЧАС
12.30 Х/Ф «ЧЕРНЫЙ БИЗНЕС»
13.05 Х/Ф «КОЛЬЕ ШАРЛОТТЫ», 1 И 2 СЕРИИ
15.30 СЕЙЧАС
16.00 Х/Ф «КОЛЬЕ ШАРЛОТТЫ», 2 И 3 СЕРИИ
18.00 МЕСТО ПРОИСШЕСТВИЯ
18.30 СЕЙЧАС
19.00 Т/С «СЛЕД» (16+)
01.50 Х/Ф «РЕБРО АДАМА»
03.20 Х/Ф «КОЛЬЕ ШАРЛОТТЫ», 1 И 2 СЕРИЯ
Ц ТВЦ
6.00 «НАСТРОЕНИЕ»
8.30 Х/Ф «ЖИВЕТ ТАКОЙ ПАРЕНЬ»
10.25 Д/Ф «АВТОГРАФ ДЛЯ ЛЕОНИДА КУРАВЛЕВА»
11.10 «ПЕТРОВКА, 38» (16+)
11.30, 14.30, 17.30 СОБЫТИЯ
11.50 Т/С «БИЛЕТ НА ДВОИХ»
12.50 «ЖИВИ СЕЙЧАС!»
13.55 «ПО СЛЕДУ ЗВЕРЯ»
14.50 ГОРОД НОВОСТЕЙ
15.10 «ПЕТРОВКА, 38» (16+)
15.30 Х/Ф «МИРАЖ», 3 СЕРИЯ
16.45 Д/Ф «ЗНАХАРЬ XXI ВЕКА»
17.50 «СПЕШИТЕ ВИДЕТЬ!»
18.25 «ПРАВО ГОЛОСА» (16+)
19.30 ГОРОД НОВОСТЕЙ
19.45 Х/Ф «ПРО ЛЮБОFF» (16+)
22.00 СОБЫТИЯ
22.20 «ТАЛАНТЫ И ПОКЛОННИКИ»
23.55 Х/Ф «МУСОРЩИК» (16+)
01.50 Х/Ф «СВОЙ СРЕДИ ЧУЖИХ, ЧУЖОЙ СРЕДИ СВОИХ»
03.45 Д/Ф «ЮРИЙ БОГАТЫРЕВ. ИДЕАЛЬНЫЙ ИСПОЛНИТЕЛЬ»
04.35 ХРОНИКИ МОСКОВСКОГО БЫТА
перец
5.15 УЛЕТНОЕ ВИДЕО
5.30, 7.00 МУЛЬТФИЛЬМЫ
6.30 «УДАЧНОЕ УТРО»
8.00 «ПОЛЕЗНОЕ УТРО»
8.30, 13.30 «ОБМЕН БЫТОВОЙ ТЕХНИКИ»
9.00, 12.00, 19.00 «УЛЕТНЫЕ ЖИВОТНЫЕ» (16+)
9.30 Х/Ф «ПРОЕКТ «АЛЬФА» (16+)
11.30 «ВЕСЕЛЫЕ ИСТОРИИ ИЗ ЖИЗНИ» (16+)
12.30 «ОДНОКЛАССНИКИ» (16+)
14.00 ДОРОЖНЫЕ ВОЙНЫ
15.30 ДОРОЖНЫЕ ДРАМЫ
16.30 «ВНЕ ЗАКОНА» (16+)
18.00 «АНЕКДОТЫ» (16+)
20.00 ДОРОЖНЫЕ ДРАМЫ
21.00 ДОРОЖНЫЕ ВОЙНЫ
22.00 «ОДНОКЛАССНИКИ» (16+)
23.00 УЛЕТНОЕ ВИДЕО
23.30 «СМЕШНО ДО БОЛИ» (16+)
00.00 «СЧАСТЛИВЫЙ КОНЕЦ» (16+)
00.30 «СТЫДНО, КОГДА ВИДНО!» (18+)
01.00 «УДАЧНАЯ НОЧЬ»
01.30 Х/Ф «ПРОЕКТ «АЛЬФА» (16+)
03.25 Х/Ф «В ЧЕРНЫХ ПЕСКАХ»
ЧI Домашний
5.30 СВОИ ПРАВИЛА (16+)
6.00 ЗНАКОМЬТЕСЬ. МУЖЧИНА!
6.30 УДАЧНОЕ УТРО
7.00 ПОЛЕЗНЫЙ ВЕЧЕР
7.30 ДАЧНЫЕ ИСТОРИИ
8.00 ПОЛЕЗНОЕ УТРО
8.30 ДЕЛО АСТАХОВА (16+)
9.30 КРИМИНАЛЬНАЯ МЕЛОДРАМА «ВЫХОЖУ ТЕБЯ ИСКАТЬ» (16+)
18.00 Т/С «ВЫХОЖУ ТЕБЯ ИСКАТЬ» (16+)
19.00 ГЛАВНЫЕ НОВОСТИ
19.25 ПОСЛЕСЛОВИЕ. ЛИДЕРЫ МНЕНИЙ (16+)
19.35 ПОЛЕЗНЫЙ ВЕЧЕР
20.05 Т/С «ВЫХОЖУ ТЕБЯ ИСКАТЬ», ОКОНЧАНИЕ (16+)
23.00 НОВОСТИ-41
23.30 Х/Ф «АМЕЛИ С МОНМАРТРА» (16+)
01.50 Т/С «ГОРЕЦ»
03.45 Т/С «ДОРОГИ ИНДИИ»
05.30 Д/Ф «БРАТЬЯ» (16+)
★ ЗВЕЗДА
6.00 «ВОИНЫ МИРА»
7.00 Д/С «ПОБЕДОНОСЦЫ. «БАГРАМЯН И.Х»
7.25 Т/С «СЛУЧАЙ В АЭРОПОРТУ»
9.00, 13.00, 16.00 НОВОСТИ
9.15 Т/С «СЛУЧАЙ В АЭРОПОРТУ»
12.20 ДОКУМ. ФИЛЬМЫ
15.00, 16.15 Т/С «ЭКСТРЕННЫЙ ВЫЗОВ» (16+)
17.25 Д/С «ОПЕРАЦИЯ «БАГРАТИОН». ХРОНИКА ПОБЕДЫ»
18.00, 22.00 НОВОСТИ
18.30 Д/С «АВТОМОБИЛИ В ПОГОНАХ»
19.30 Д/С «НЕВИДИМЫЙ ФРОНТ»
20.05 Х/Ф «БЕРЕГИСЬ АВТОМОБИЛЯ»
22.30 Х/Ф «ПУТЬ ДОМОЙ» (16+)
00.20 Х/Ф «БЕГ ОТ СМЕРТИ» (16+)
02.00 Х/Ф «ОТРЯД» (16+)
03.55 Х/Ф «СОЛДАТЫ»
ОТВ
5.00 НОВОСТИ ТАУ
6.00 «СОБЫТИЯ. ИТОГИ»
6.35, 10.30, 22.30, 01.30, 04.40 «ПАТРУЛЬНЫЙ УЧАСТОК» (16+)
7.00 «УТРОТВ»
9.00, 10.00, 11.00, 12.00, 13.00, 14.00, 15.00, 16.00, 17.00 «СОБЫТИЯ. КАЖДЫЙ ЧАС»
9.10 «ВСЁ О ЗАГОРОДНОЙ ЖИЗНИ»
9.30 «ГУРМЭ» (16+)
10.05 «ВСЕ О ЖКХ» (16+)
10.50 «СТУДЕНЧЕСКИЙ ГОРОДОК» (16+)
11.10 Т/С «АВРОРА» (16+)
12.10 «DEFACTO»
12.25 «НАЦИОНАЛЬНЫЙ ПРОГНОЗ» (16+)
12.40 «ИМЕЮ ПРАВО»
13.10 «ДАЙ ЛАПУ!» (16+)
13.30 Д/Ф «ЭТИ КОШМАРНЫЕ НАСЕКОМЫЕ» (16+)
14.10 Т/С «КАТИНА ЛЮБОВЬ»
15.10 Т/С «МЫСЛИТЬ КАК ПРЕСТУПНИК» (16+)
16.10 «ЗВЕЗДНЫЕ ВДОВЫ»
17.10 Т/С «АВРОРА» (16+)
18.00 КАБИНЕТ МИНИСТРОВ
18.30 «СОБЫТИЯ УРФО»
19.00, 21.00, 22.50, 04.10 «СОБЫТИЯ. ИТОГИ»
19.10 «МИРОВЫЕ БИТВЫ ЭКСТРАСЕНСОВ» (16+)
21.30, 03.00 НОВОСТИ ТАУ
23.30 Х/Ф «ЖИВОЙ» (18+)
01.10 «РЕЗОНАНС» (16+)
01.50 «ЗДЕСЬ КОВАЛАСЬ ПОБЕДА» (16+)
02.20 ПАРЛАМЕНТСКОЕ ВРЕМЯ
ТВЗ
6.00 МУЛЬТФИЛЬМЫ
8.00, 17.00 Д/С «ПАРАЛЛЕЛЬНЫЙ МИР»
9.00 МАГИЯ КРАСОТЫ
10.00, 18.00 Х-ВЕРСИИ
10.30 «ОХОТНИКИ ЗА ПРИВИДЕНИЯМИ» (16+)
11.00 Т/С «ОТРЯД» (16+)
12.00 «ЗАГАДКИ ИСТОРИИ»
13.00 ДОКУМ. ФИЛЬМЫ
15.00 ГОРОДСКИЕ ЛЕГЕНДЫ
16.00 Д/С «ГАДАЛКА»
19.00 ЧЕЛОВЕК-НЕВИДИМКА
20.00 Х/Ф «ОСТРОВ ПРОКЛЯТЫХ» (16+)
22.45 Х/Ф «НИНДЗЯ-УБИЙЦА» (16+)
00.45 ПОКЕРНЫЙ ТУР (18+)
01.45 Х/Ф «ВТОРЖЕНИЕ НА ЗЕМЛЮ» (16+)
03.45 КАК ЭТО СДЕЛАНО
04.15 Т/С «НИКИТА»
За информацию, предоставленную телеканалами, редакция ответственности не несет. В телепрограмме возможны изменения.
